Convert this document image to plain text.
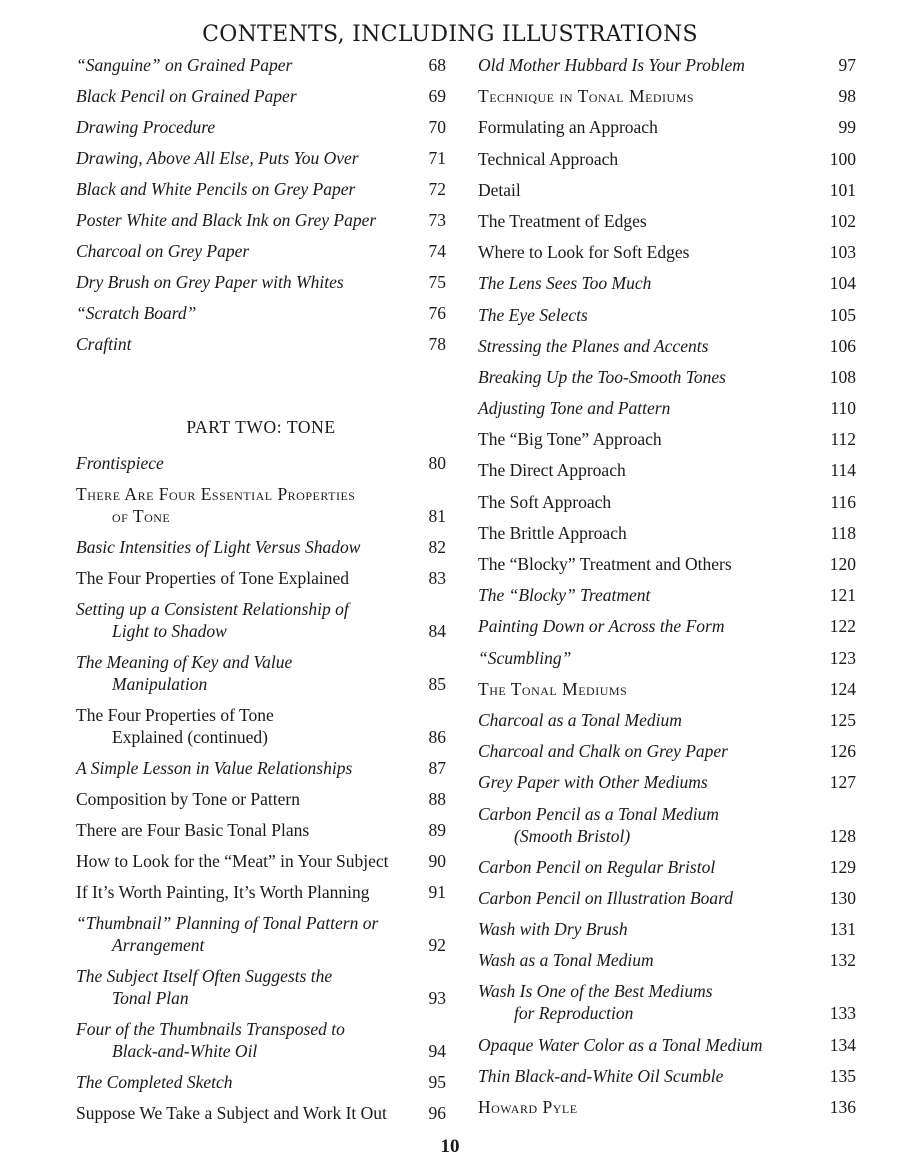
CONTENTS, INCLUDING ILLUSTRATIONS
“Sanguine” on Grained Paper	68
Black Pencil on Grained Paper	69
Drawing Procedure	70
Drawing, Above All Else, Puts You Over	71
Black and White Pencils on Grey Paper	72
Poster White and Black Ink on Grey Paper	73
Charcoal on Grey Paper	74
Dry Brush on Grey Paper with Whites	75
“Scratch Board”	76
Craftint	78
PART TWO: TONE
Frontispiece	80
There Are Four Essential Properties
of Tone	81
Basic Intensities of Light Versus Shadow	82
The Four Properties of Tone Explained	83
Setting up a Consistent Relationship of
Light to Shadow	84
The Meaning of Key and Value
Manipulation	85
The Four Properties of Tone
Explained (continued)	86
A Simple Lesson in Value Relationships	87
Composition by Tone or Pattern	88
There are Four Basic Tonal Plans	89
How to Look for the “Meat” in Your Subject	90
If It’s Worth Painting, It’s Worth Planning	91
“Thumbnail” Planning of Tonal Pattern or
Arrangement	92
The Subject Itself Often Suggests the
Tonal Plan	93
Four of the Thumbnails Transposed to
Black-and-White Oil	94
The Completed Sketch	95
Suppose We Take a Subject and Work It Out	96
Old Mother Hubbard Is Your Problem	97
Technique in Tonal Mediums	98
Formulating an Approach	99
Technical Approach	100
Detail	101
The Treatment of Edges	102
Where to Look for Soft Edges	103
The Lens Sees Too Much	104
The Eye Selects	105
Stressing the Planes and Accents	106
Breaking Up the Too-Smooth Tones	108
Adjusting Tone and Pattern	110
The “Big Tone” Approach	112
The Direct Approach	114
The Soft Approach	116
The Brittle Approach	118
The “Blocky” Treatment and Others	120
The “Blocky” Treatment	121
Painting Down or Across the Form	122
“Scumbling”	123
The Tonal Mediums	124
Charcoal as a Tonal Medium	125
Charcoal and Chalk on Grey Paper	126
Grey Paper with Other Mediums	127
Carbon Pencil as a Tonal Medium
(Smooth Bristol)	128
Carbon Pencil on Regular Bristol	129
Carbon Pencil on Illustration Board	130
Wash with Dry Brush	131
Wash as a Tonal Medium	132
Wash Is One of the Best Mediums
for Reproduction	133
Opaque Water Color as a Tonal Medium	134
Thin Black-and-White Oil Scumble	135
Howard Pyle	136
10
